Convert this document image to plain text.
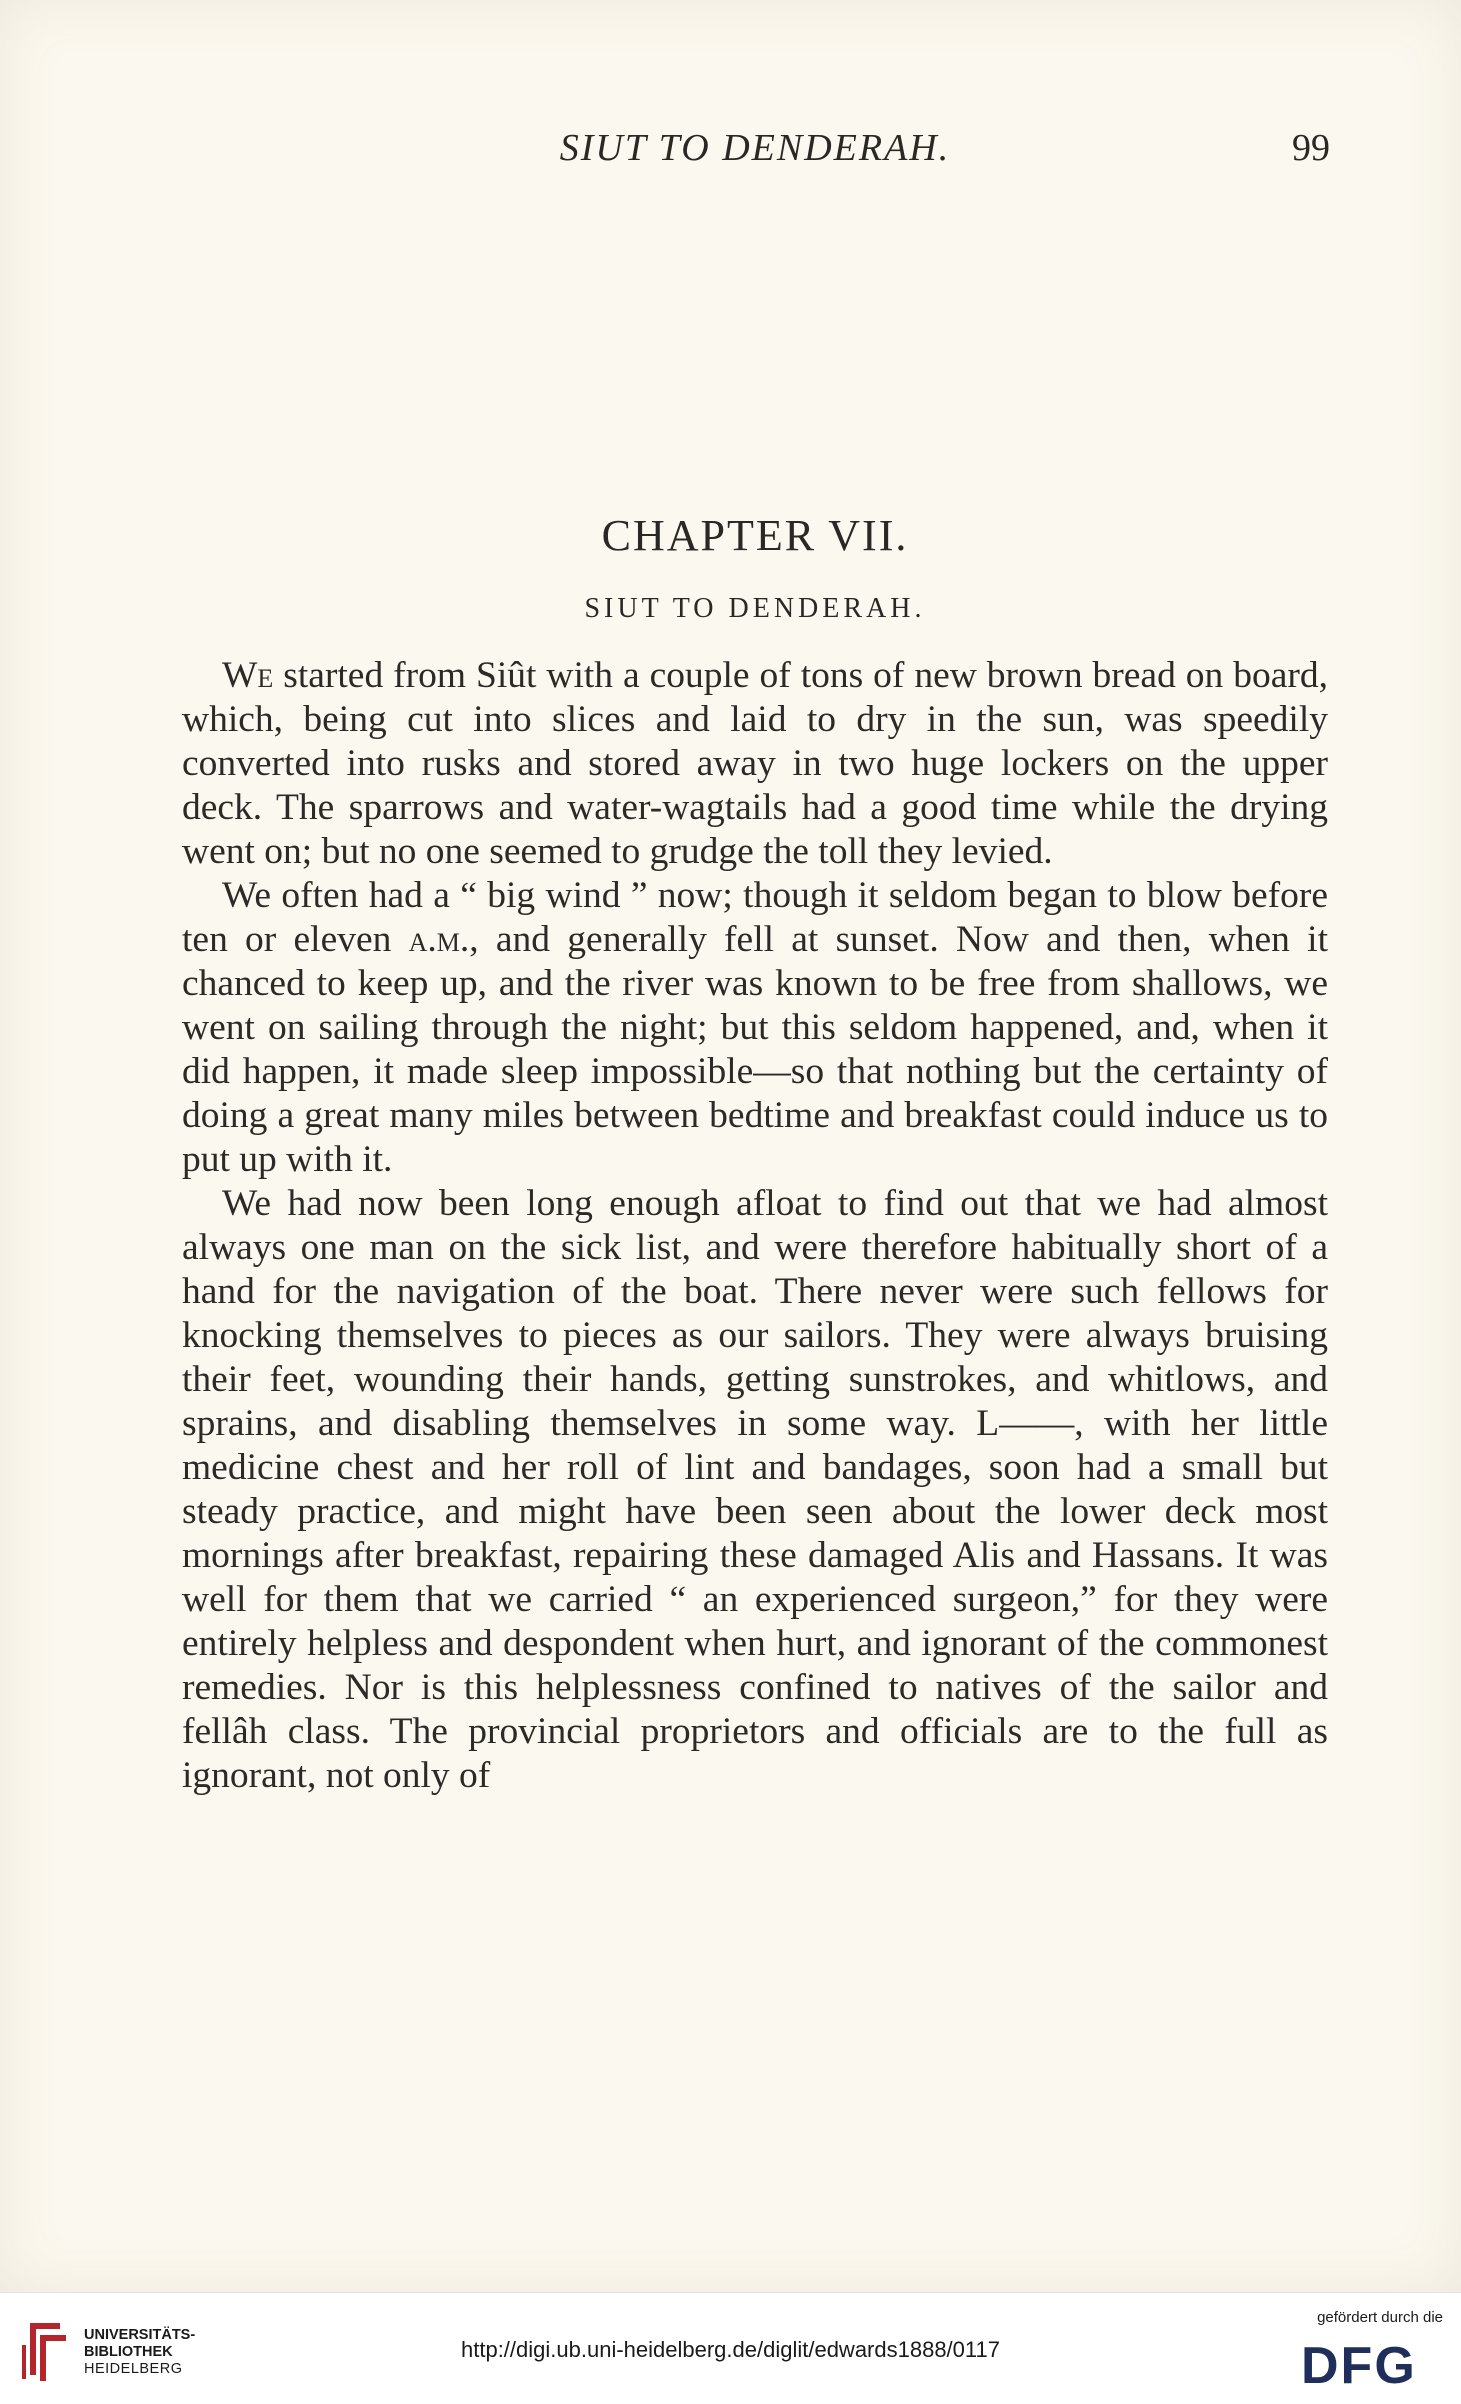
SIUT TO DENDERAH.	99
CHAPTER VII.
SIUT TO DENDERAH.

We started from Siût with a couple of tons of new brown bread on board, which, being cut into slices and laid to dry in the sun, was speedily converted into rusks and stored away in two huge lockers on the upper deck. The sparrows and water-wagtails had a good time while the drying went on; but no one seemed to grudge the toll they levied.

We often had a “ big wind ” now; though it seldom began to blow before ten or eleven a.m., and generally fell at sunset. Now and then, when it chanced to keep up, and the river was known to be free from shallows, we went on sailing through the night; but this seldom happened, and, when it did happen, it made sleep impossible—so that nothing but the certainty of doing a great many miles between bedtime and breakfast could induce us to put up with it.

We had now been long enough afloat to find out that we had almost always one man on the sick list, and were therefore habitually short of a hand for the navigation of the boat. There never were such fellows for knocking themselves to pieces as our sailors. They were always bruising their feet, wounding their hands, getting sunstrokes, and whitlows, and sprains, and disabling themselves in some way. L——, with her little medicine chest and her roll of lint and bandages, soon had a small but steady practice, and might have been seen about the lower deck most mornings after breakfast, repairing these damaged Alis and Hassans. It was well for them that we carried “ an experienced surgeon,” for they were entirely helpless and despondent when hurt, and ignorant of the commonest remedies. Nor is this helplessness confined to natives of the sailor and fellâh class. The provincial proprietors and officials are to the full as ignorant, not only of

UNIVERSITÄTS-
BIBLIOTHEK
HEIDELBERG
http://digi.ub.uni-heidelberg.de/diglit/edwards1888/0117
gefördert durch die
DFG
